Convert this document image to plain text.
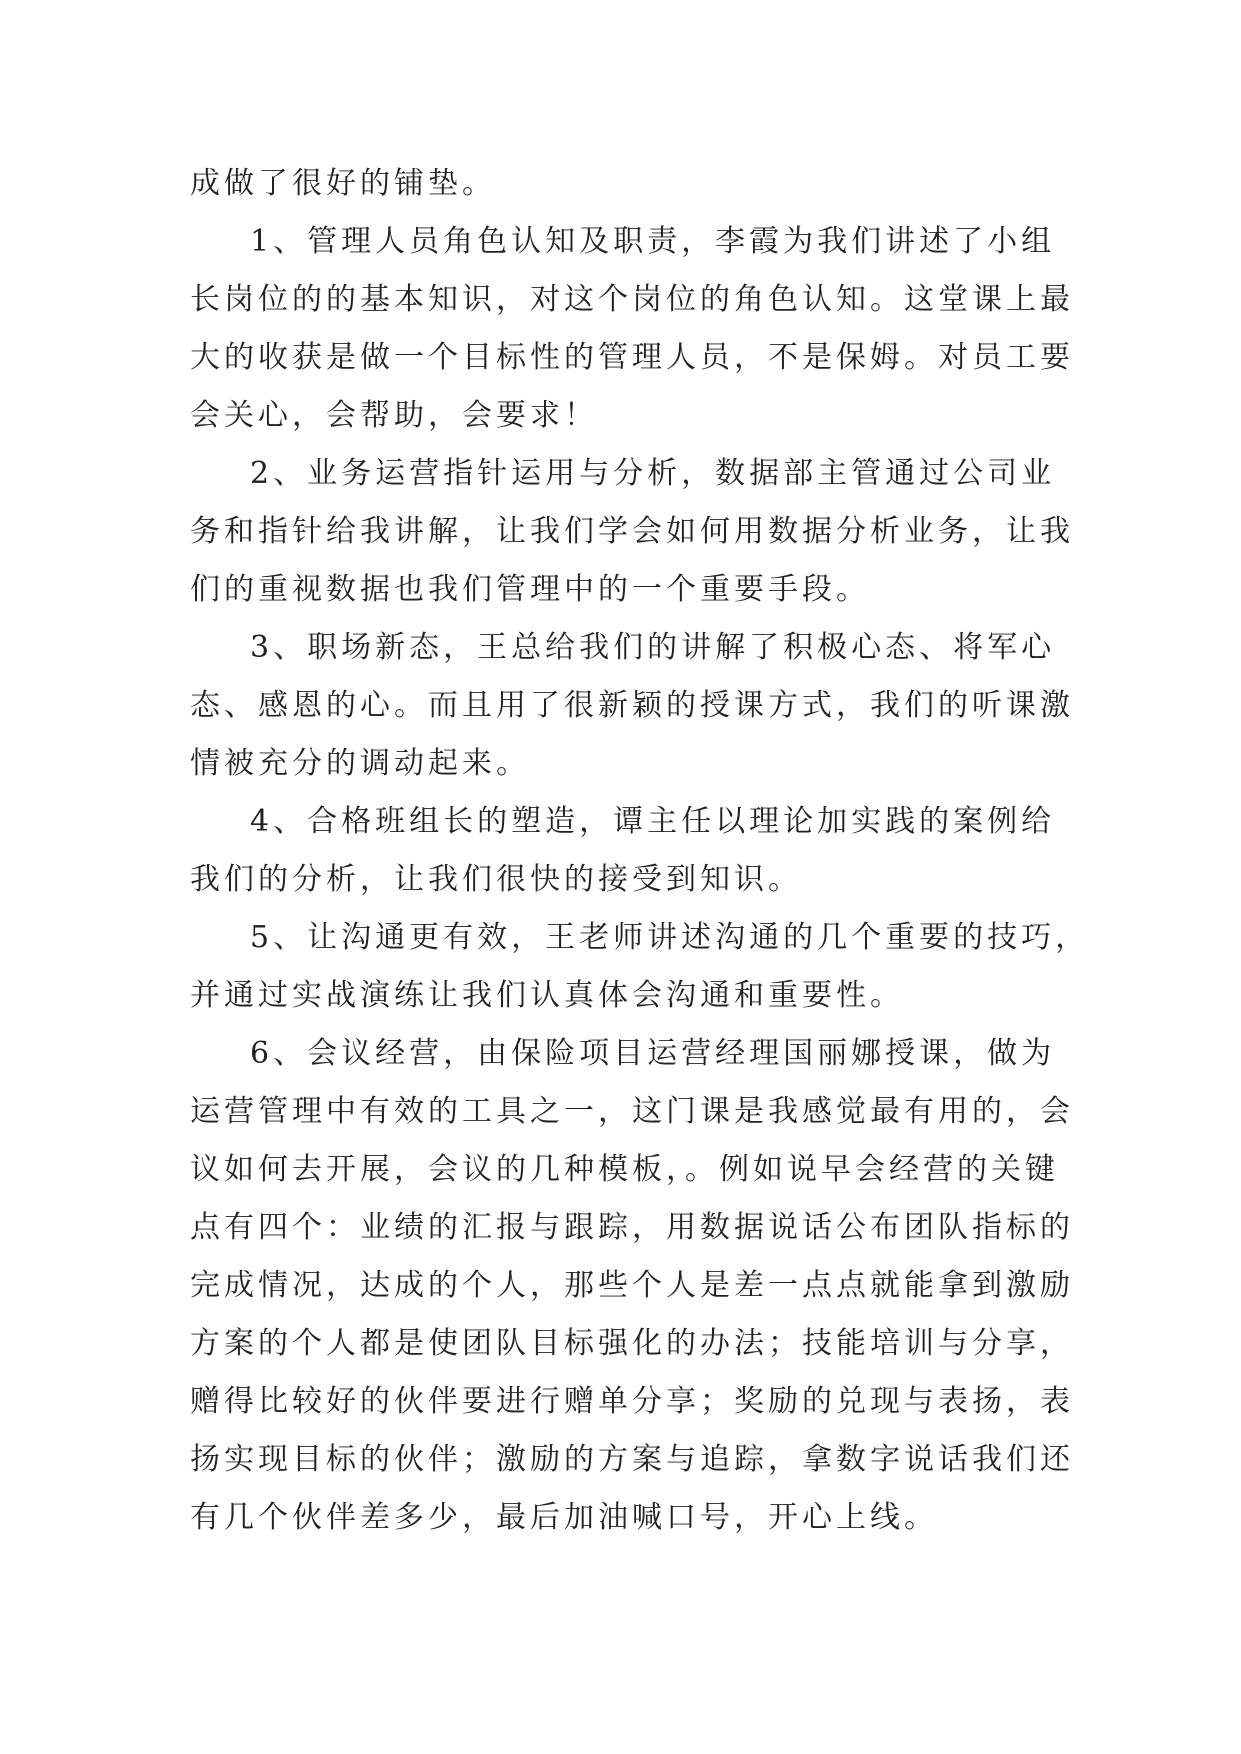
成做了很好的铺垫。
1、管理人员角色认知及职责，李霞为我们讲述了小组
长岗位的的基本知识，对这个岗位的角色认知。这堂课上最
大的收获是做一个目标性的管理人员，不是保姆。对员工要
会关心，会帮助，会要求！
2、业务运营指针运用与分析，数据部主管通过公司业
务和指针给我讲解，让我们学会如何用数据分析业务，让我
们的重视数据也我们管理中的一个重要手段。
3、职场新态，王总给我们的讲解了积极心态、将军心
态、感恩的心。而且用了很新颖的授课方式，我们的听课激
情被充分的调动起来。
4、合格班组长的塑造，谭主任以理论加实践的案例给
我们的分析，让我们很快的接受到知识。
5、让沟通更有效，王老师讲述沟通的几个重要的技巧，
并通过实战演练让我们认真体会沟通和重要性。
6、会议经营，由保险项目运营经理国丽娜授课，做为
运营管理中有效的工具之一，这门课是我感觉最有用的，会
议如何去开展，会议的几种模板，。例如说早会经营的关键
点有四个：业绩的汇报与跟踪，用数据说话公布团队指标的
完成情况，达成的个人，那些个人是差一点点就能拿到激励
方案的个人都是使团队目标强化的办法；技能培训与分享，
赠得比较好的伙伴要进行赠单分享；奖励的兑现与表扬，表
扬实现目标的伙伴；激励的方案与追踪，拿数字说话我们还
有几个伙伴差多少，最后加油喊口号，开心上线。
